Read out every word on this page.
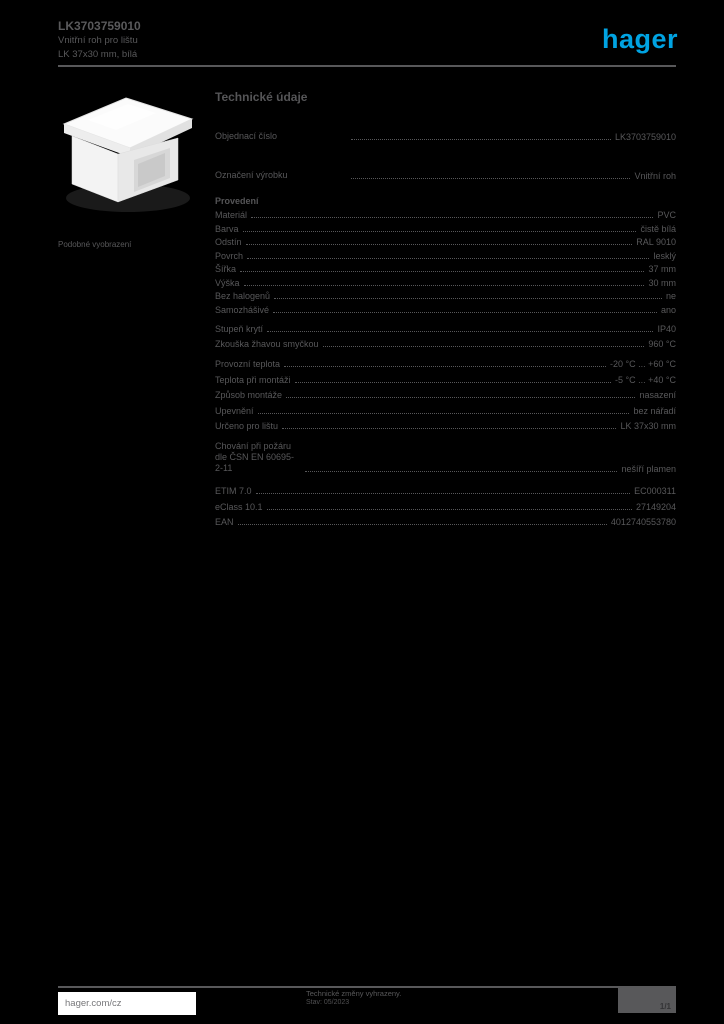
LK3703759010
Vnitřní roh pro lištu
LK 37x30 mm, bílá
hager
Podobné vyobrazení
Technické údaje
Objednací číslo	LK3703759010
Označení výrobku	Vnitřní roh
Provedení
Materiál	PVC
Barva	čistě bílá
Odstín	RAL 9010
Povrch	lesklý
Šířka	37 mm
Výška	30 mm
Bez halogenů	ne
Samozhášivé	ano
Stupeň krytí	IP40
Zkouška žhavou smyčkou	960 °C
Provozní teplota	-20 °C ... +60 °C
Teplota při montáži	-5 °C ... +40 °C
Způsob montáže	nasazení
Upevnění	bez nářadí
Určeno pro lištu	LK 37x30 mm
Chování při požáru dle ČSN EN 60695-2-11	nešíří plamen
ETIM 7.0	EC000311
eClass 10.1	27149204
EAN	4012740553780
hager.com/cz
Technické změny vyhrazeny.
Stav: 05/2023	1/1
